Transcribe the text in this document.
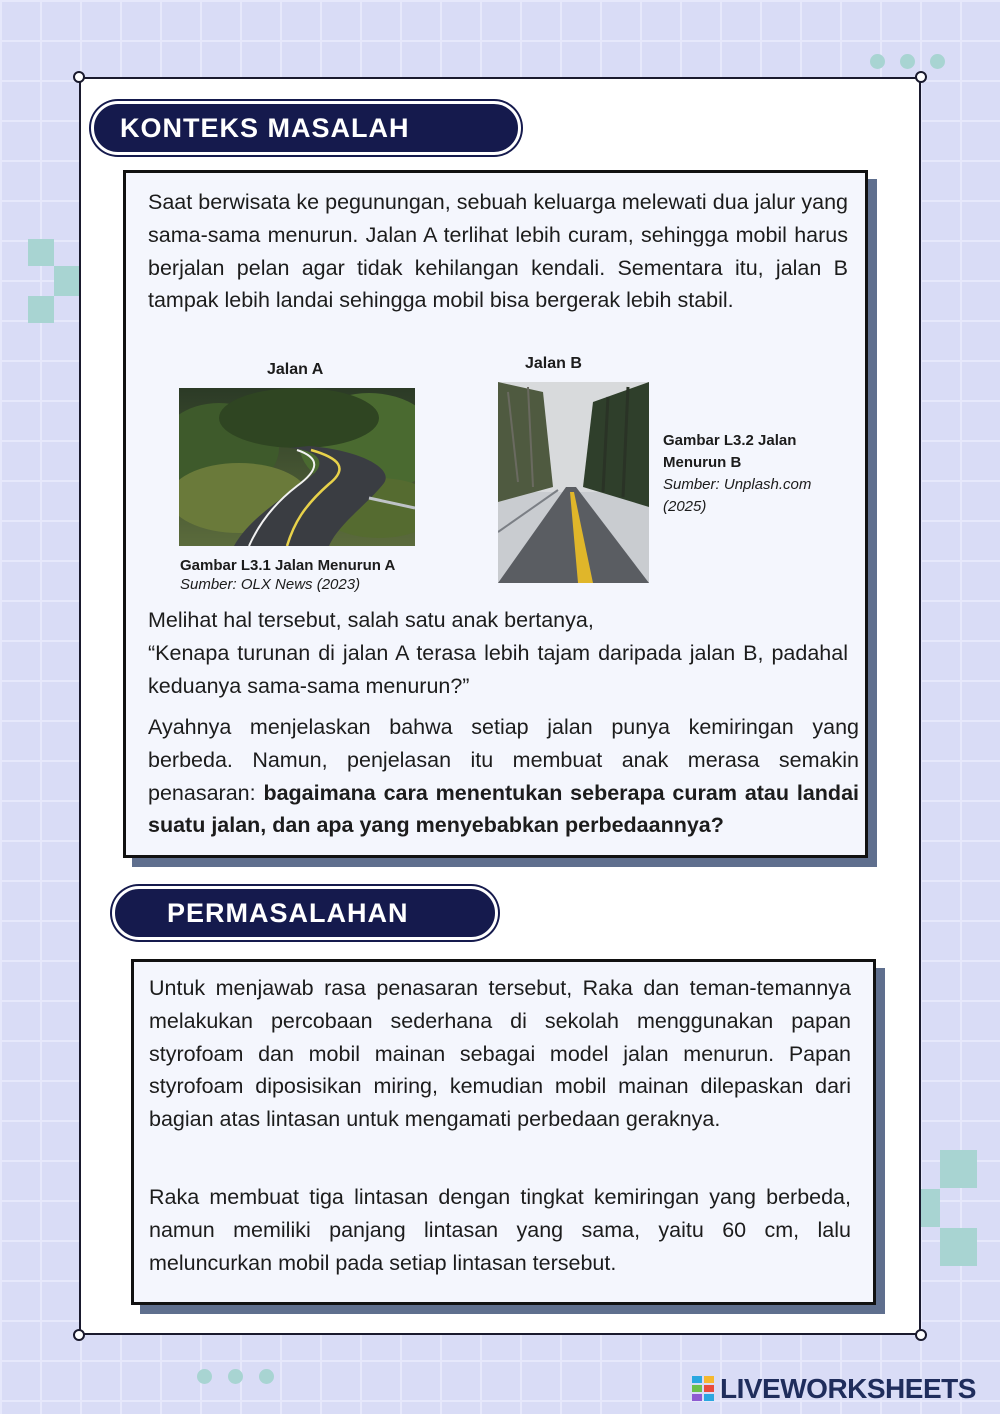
KONTEKS MASALAH

Saat berwisata ke pegunungan, sebuah keluarga melewati dua jalur yang sama-sama menurun. Jalan A terlihat lebih curam, sehingga mobil harus berjalan pelan agar tidak kehilangan kendali. Sementara itu, jalan B tampak lebih landai sehingga mobil bisa bergerak lebih stabil.

Jalan A
Gambar L3.1 Jalan Menurun A
Sumber: OLX News (2023)
Jalan B
Gambar L3.2 Jalan Menurun B
Sumber: Unplash.com (2025)

Melihat hal tersebut, salah satu anak bertanya,

“Kenapa turunan di jalan A terasa lebih tajam daripada jalan B, padahal keduanya sama-sama menurun?”

Ayahnya menjelaskan bahwa setiap jalan punya kemiringan yang berbeda. Namun, penjelasan itu membuat anak merasa semakin penasaran: bagaimana cara menentukan seberapa curam atau landai suatu jalan, dan apa yang menyebabkan perbedaannya?

PERMASALAHAN

Untuk menjawab rasa penasaran tersebut, Raka dan teman-temannya melakukan percobaan sederhana di sekolah menggunakan papan styrofoam dan mobil mainan sebagai model jalan menurun. Papan styrofoam diposisikan miring, kemudian mobil mainan dilepaskan dari bagian atas lintasan untuk mengamati perbedaan geraknya.

Raka membuat tiga lintasan dengan tingkat kemiringan yang berbeda, namun memiliki panjang lintasan yang sama, yaitu 60 cm, lalu meluncurkan mobil pada setiap lintasan tersebut.

LIVEWORKSHEETS
